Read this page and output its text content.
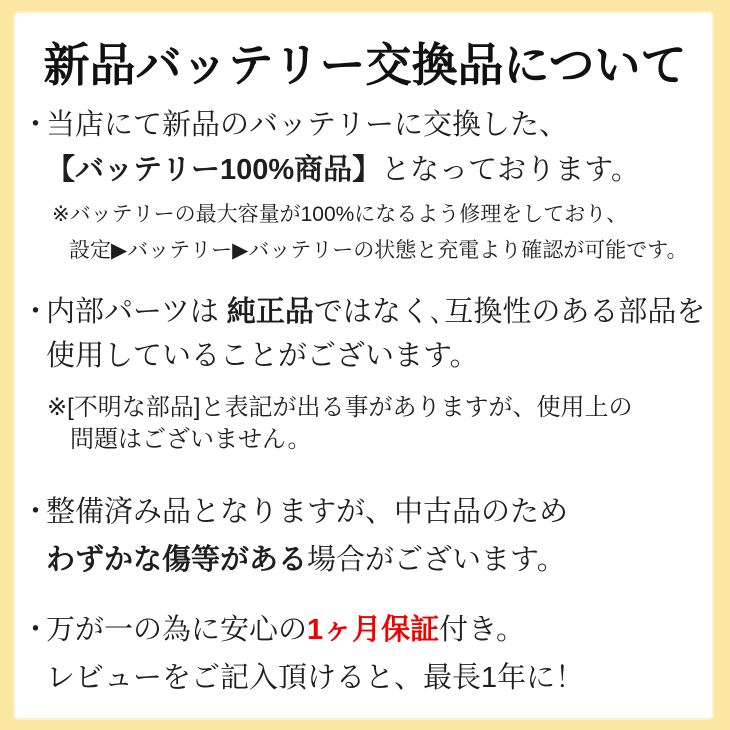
新品バッテリー交換品について
・当店にて新品のバッテリーに交換した、
【バッテリー100%商品】となっております。
※バッテリーの最大容量が100%になるよう修理をしており、
設定▶バッテリー▶バッテリーの状態と充電より確認が可能です。
・内部パーツは 純正品ではなく､互換性のある部品を
使用していることがございます。
※[不明な部品]と表記が出る事がありますが、使用上の
問題はございません。
・整備済み品となりますが、中古品のため
わずかな傷等がある場合がございます。
・万が一の為に安心の1ヶ月保証付き。
レビューをご記入頂けると、最長1年に！
